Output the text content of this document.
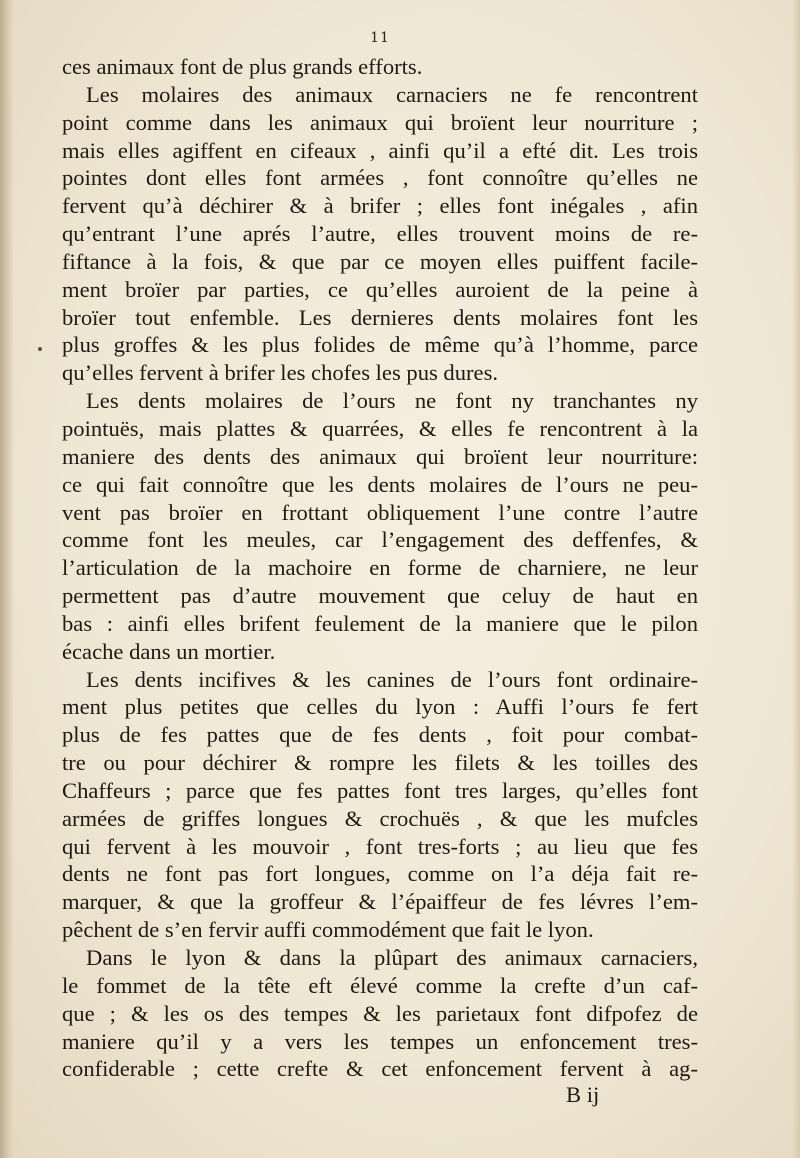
11
ces animaux font de plus grands efforts.
Les molaires des animaux carnaciers ne fe rencontrent
point comme dans les animaux qui broïent leur nourriture ;
mais elles agiffent en cifeaux , ainfi qu’il a efté dit. Les trois
pointes dont elles font armées , font connoître qu’elles ne
fervent qu’à déchirer & à brifer ; elles font inégales , afin
qu’entrant l’une aprés l’autre, elles trouvent moins de re-
fiftance à la fois, & que par ce moyen elles puiffent facile-
ment broïer par parties, ce qu’elles auroient de la peine à
broïer tout enfemble. Les dernieres dents molaires font les
plus groffes & les plus folides de même qu’à l’homme, parce
qu’elles fervent à brifer les chofes les pus dures.
Les dents molaires de l’ours ne font ny tranchantes ny
pointuës, mais plattes & quarrées, & elles fe rencontrent à la
maniere des dents des animaux qui broïent leur nourriture:
ce qui fait connoître que les dents molaires de l’ours ne peu-
vent pas broïer en frottant obliquement l’une contre l’autre
comme font les meules, car l’engagement des deffenfes, &
l’articulation de la machoire en forme de charniere, ne leur
permettent pas d’autre mouvement que celuy de haut en
bas : ainfi elles brifent feulement de la maniere que le pilon
écache dans un mortier.
Les dents incifives & les canines de l’ours font ordinaire-
ment plus petites que celles du lyon : Auffi l’ours fe fert
plus de fes pattes que de fes dents , foit pour combat-
tre ou pour déchirer & rompre les filets & les toilles des
Chaffeurs ; parce que fes pattes font tres larges, qu’elles font
armées de griffes longues & crochuës , & que les mufcles
qui fervent à les mouvoir , font tres-forts ; au lieu que fes
dents ne font pas fort longues, comme on l’a déja fait re-
marquer, & que la groffeur & l’épaiffeur de fes lévres l’em-
pêchent de s’en fervir auffi commodément que fait le lyon.
Dans le lyon & dans la plûpart des animaux carnaciers,
le fommet de la tête eft élevé comme la crefte d’un caf-
que ; & les os des tempes & les parietaux font difpofez de
maniere qu’il y a vers les tempes un enfoncement tres-
confiderable ; cette crefte & cet enfoncement fervent à ag-
B ij
